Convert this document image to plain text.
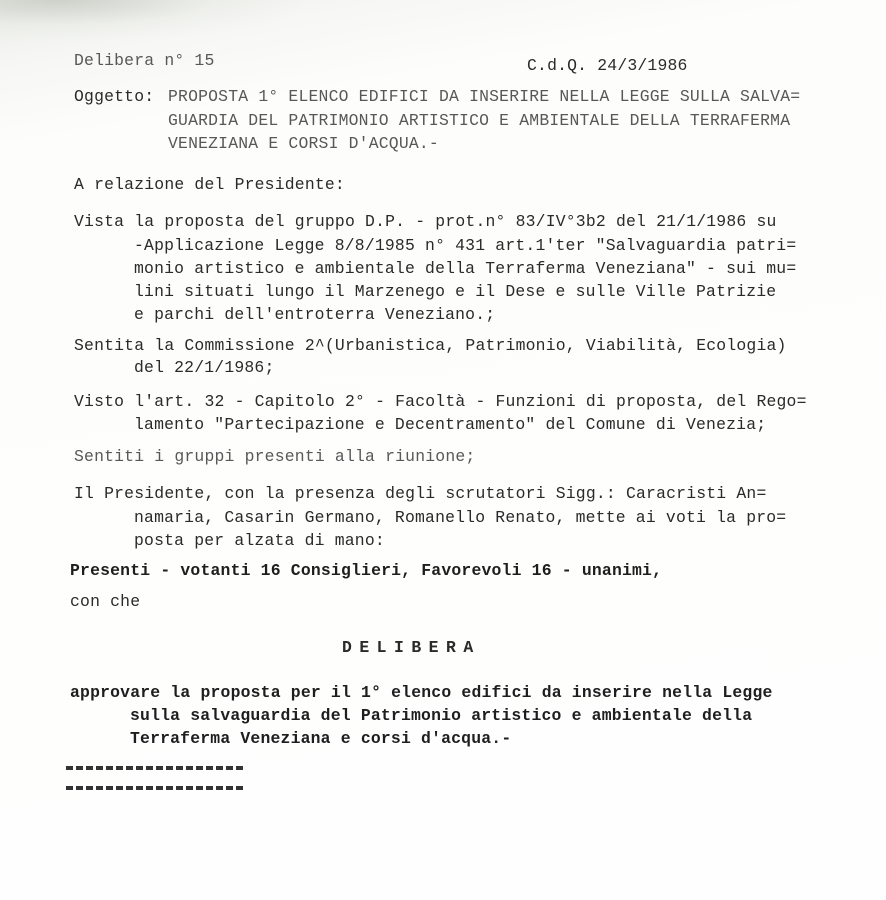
Delibera n° 15	C.d.Q. 24/3/1986
Oggetto: PROPOSTA 1° ELENCO EDIFICI DA INSERIRE NELLA LEGGE SULLA SALVA=
GUARDIA DEL PATRIMONIO ARTISTICO E AMBIENTALE DELLA TERRAFERMA
VENEZIANA E CORSI D'ACQUA.-
A relazione del Presidente:
Vista la proposta del gruppo D.P. - prot.n° 83/IV°3b2 del 21/1/1986 su
-Applicazione Legge 8/8/1985 n° 431 art.1'ter "Salvaguardia patri=
monio artistico e ambientale della Terraferma Veneziana" - sui mu=
lini situati lungo il Marzenego e il Dese e sulle Ville Patrizie
e parchi dell'entroterra Veneziano.;
Sentita la Commissione 2^(Urbanistica, Patrimonio, Viabilità, Ecologia)
del 22/1/1986;
Visto l'art. 32 - Capitolo 2° - Facoltà - Funzioni di proposta, del Rego=
lamento "Partecipazione e Decentramento" del Comune di Venezia;
Sentiti i gruppi presenti alla riunione;
Il Presidente, con la presenza degli scrutatori Sigg.: Caracristi An=
namaria, Casarin Germano, Romanello Renato, mette ai voti la pro=
posta per alzata di mano:
Presenti - votanti 16 Consiglieri, Favorevoli 16 - unanimi,
con che
DELIBERA
approvare la proposta per il 1° elenco edifici da inserire nella Legge
sulla salvaguardia del Patrimonio artistico e ambientale della
Terraferma Veneziana e corsi d'acqua.-
